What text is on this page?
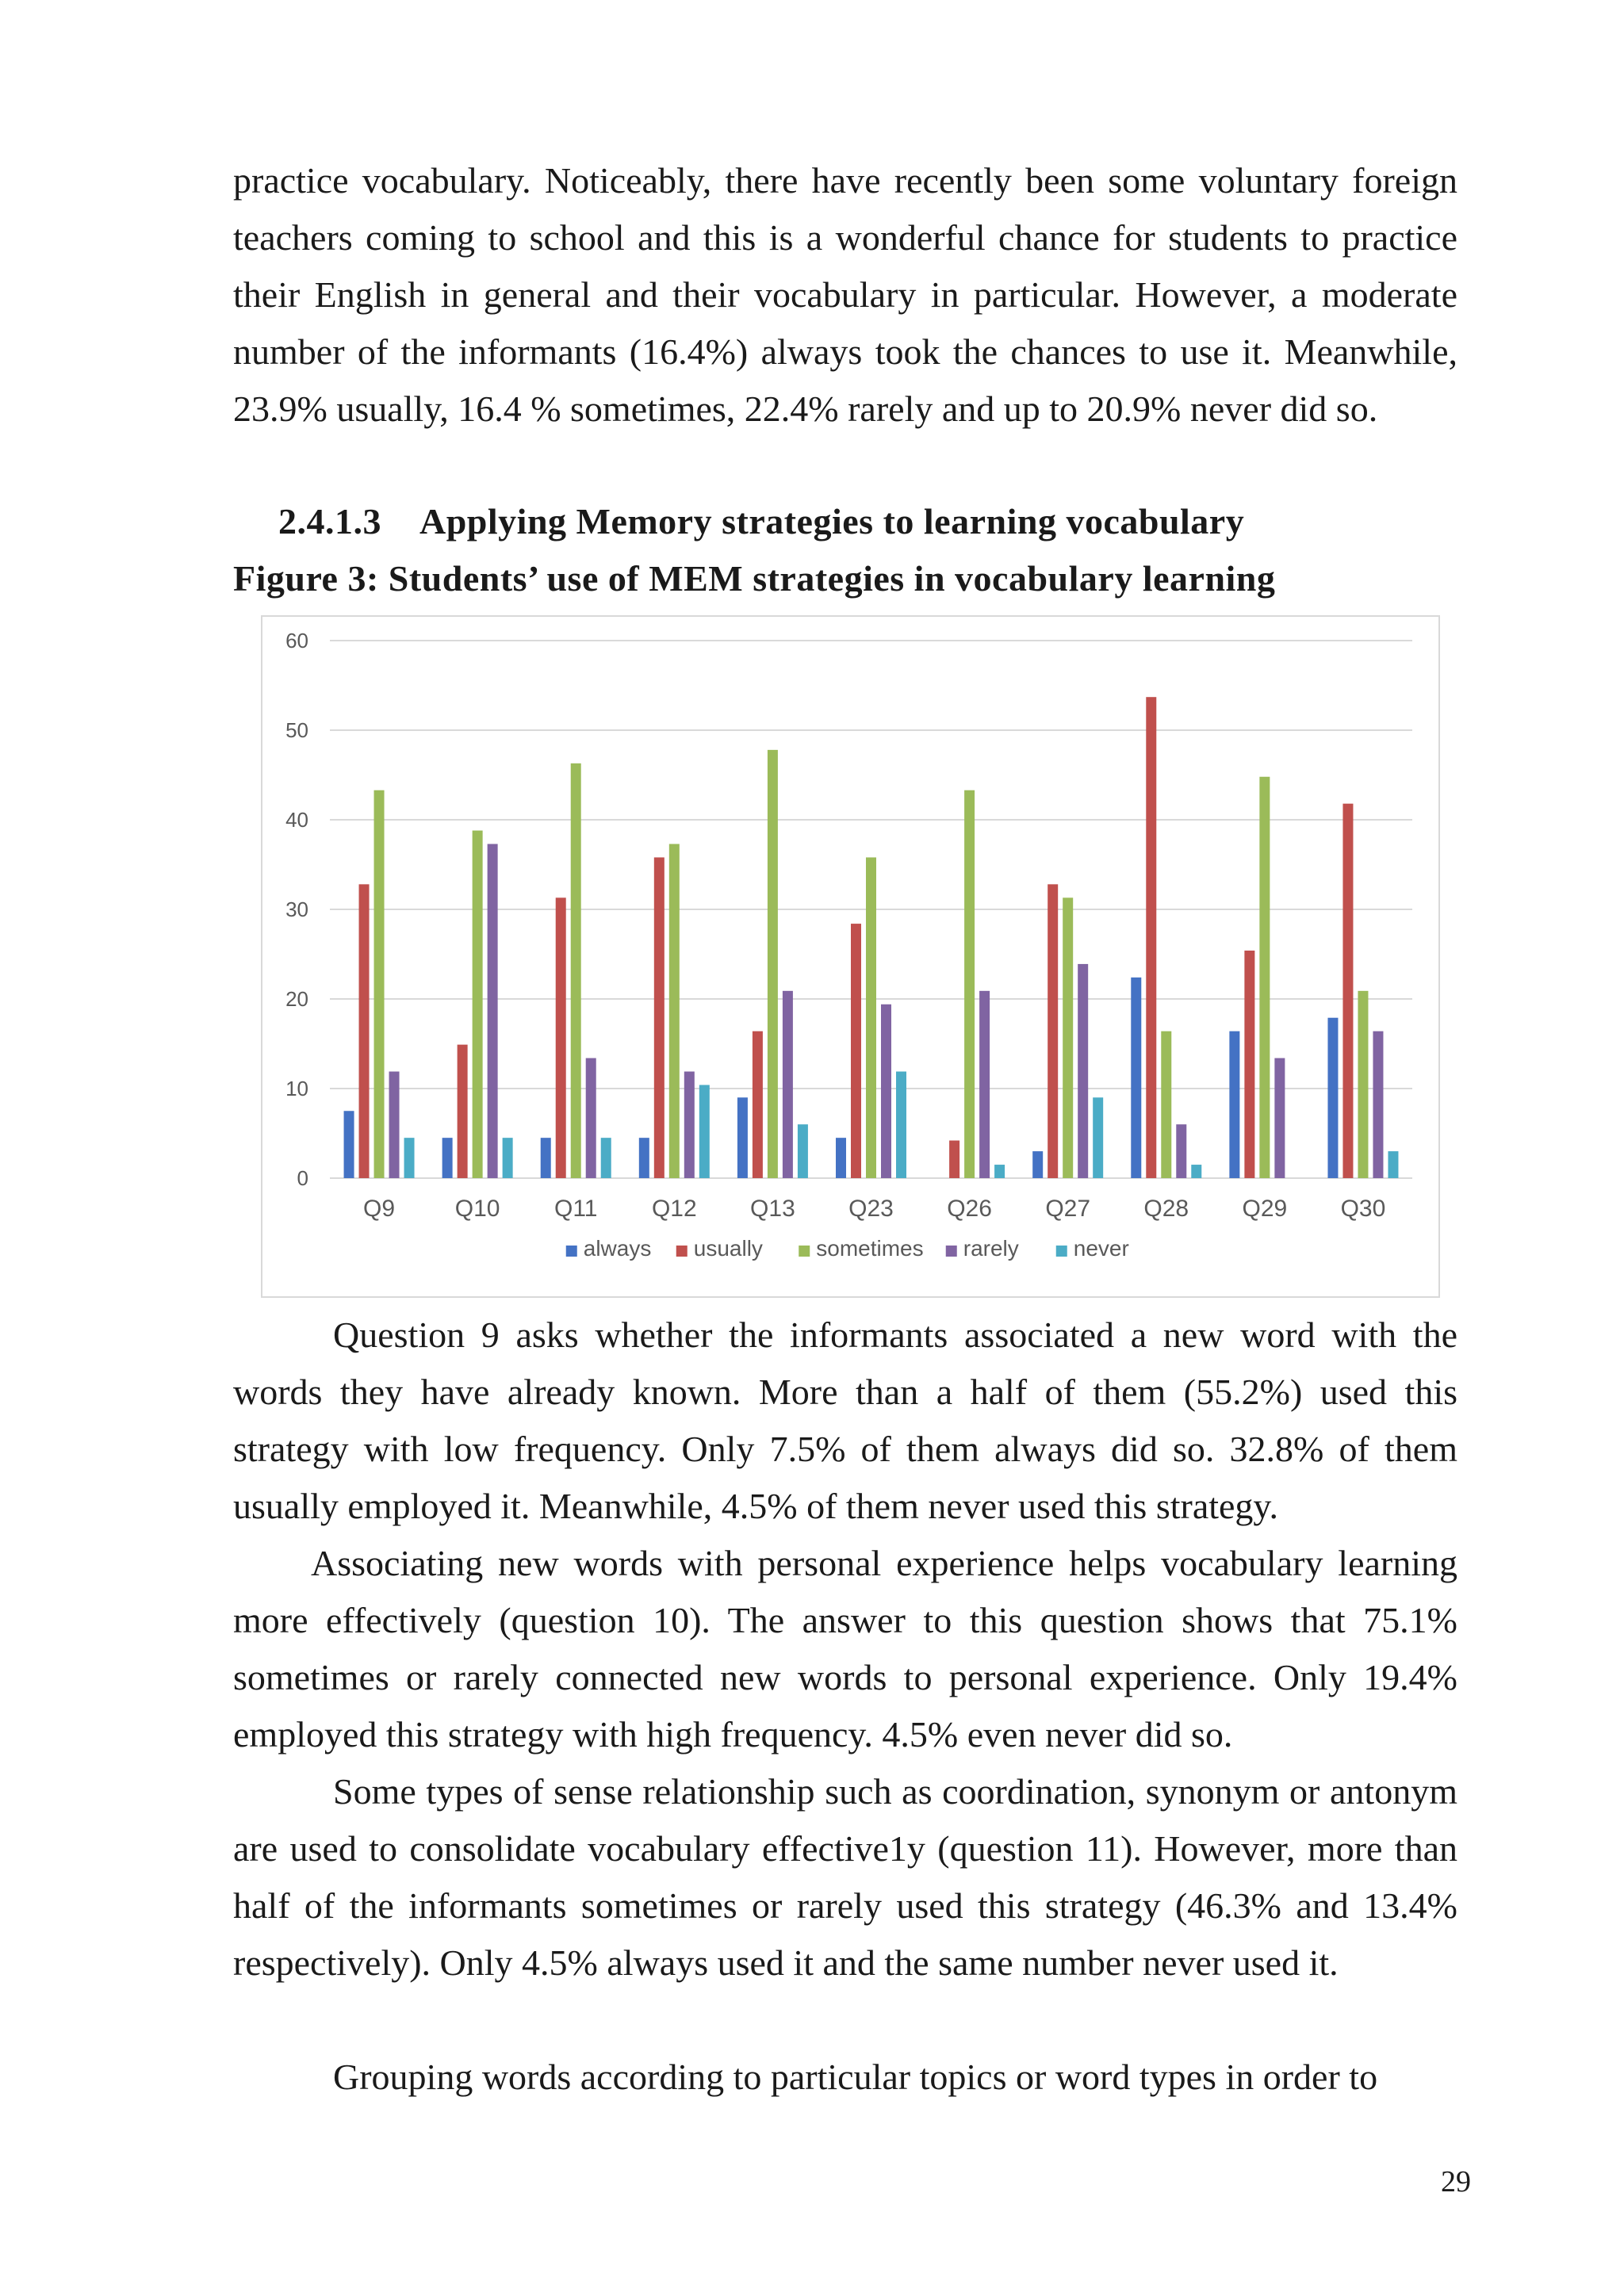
practice vocabulary. Noticeably, there have recently been some voluntary foreign teachers coming to school and this is a wonderful chance for students to practice their English in general and their vocabulary in particular. However, a moderate number of the informants (16.4%) always took the chances to use it. Meanwhile, 23.9% usually, 16.4 % sometimes, 22.4% rarely and up to 20.9% never did so.

2.4.1.3 Applying Memory strategies to learning vocabulary
Figure 3: Students’ use of MEM strategies in vocabulary learning
0
10
20
30
40
50
60
Q9	Q10 Q11 Q12 Q13 Q23 Q26 Q27 Q28 Q29 Q30
always usually sometimes rarely never

Question 9 asks whether the informants associated a new word with the words they have already known. More than a half of them (55.2%) used this strategy with low frequency. Only 7.5% of them always did so. 32.8% of them usually employed it. Meanwhile, 4.5% of them never used this strategy.

Associating new words with personal experience helps vocabulary learning more effectively (question 10). The answer to this question shows that 75.1% sometimes or rarely connected new words to personal experience. Only 19.4% employed this strategy with high frequency. 4.5% even never did so.

Some types of sense relationship such as coordination, synonym or antonym are used to consolidate vocabulary effective1y (question 11). However, more than half of the informants sometimes or rarely used this strategy (46.3% and 13.4% respectively). Only 4.5% always used it and the same number never used it.

Grouping words according to particular topics or word types in order to

29
